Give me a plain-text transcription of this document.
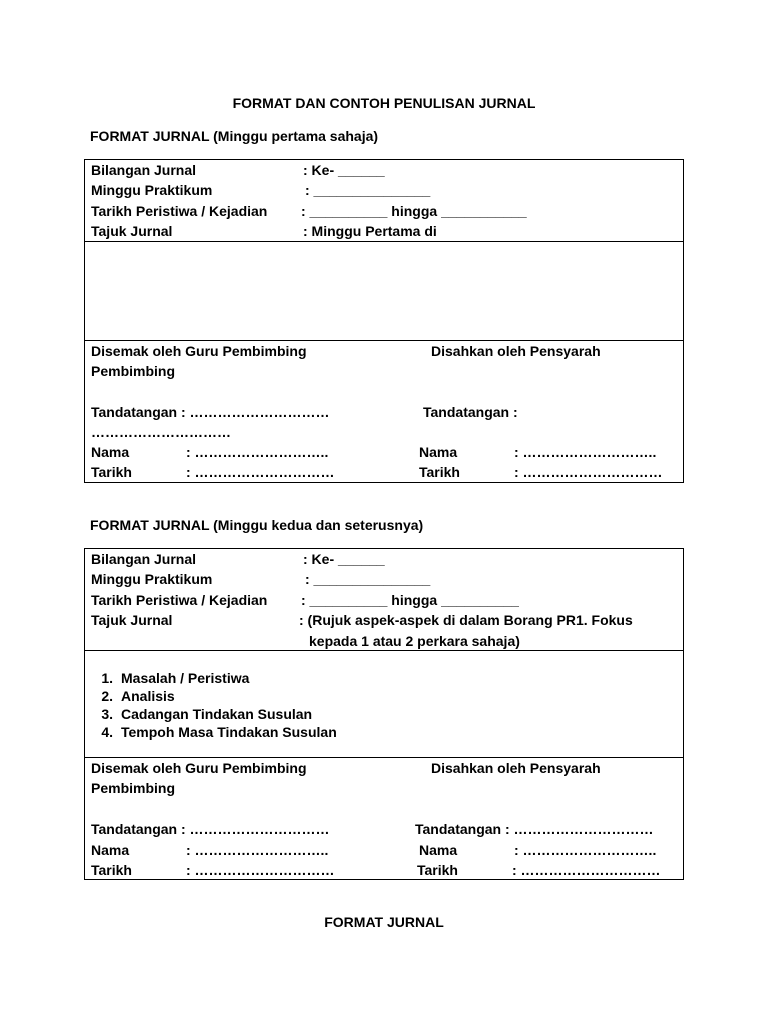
FORMAT DAN CONTOH PENULISAN JURNAL
FORMAT JURNAL (Minggu pertama sahaja)
Bilangan Jurnal	: Ke- ______
Minggu Praktikum	: _______________
Tarikh Peristiwa / Kejadian : __________ hingga ___________
Tajuk Jurnal	: Minggu Pertama di
Disemak oleh Guru Pembimbing	Disahkan oleh Pensyarah
Pembimbing
Tandatangan : …………………………	Tandatangan :
…………………………
Nama	: ………………………..	Nama	: ………………………..
Tarikh	: …………………………	Tarikh	: …………………………
FORMAT JURNAL (Minggu kedua dan seterusnya)
Bilangan Jurnal	: Ke- ______
Minggu Praktikum	: _______________
Tarikh Peristiwa / Kejadian : __________ hingga __________
Tajuk Jurnal	: (Rujuk aspek-aspek di dalam Borang PR1. Fokus
kepada 1 atau 2 perkara sahaja)
1. Masalah / Peristiwa
2. Analisis
3. Cadangan Tindakan Susulan
4. Tempoh Masa Tindakan Susulan
Disemak oleh Guru Pembimbing	Disahkan oleh Pensyarah
Pembimbing
Tandatangan : …………………………	Tandatangan : …………………………
Nama	: ………………………..	Nama	: ………………………..
Tarikh	: …………………………	Tarikh	: …………………………
FORMAT JURNAL
